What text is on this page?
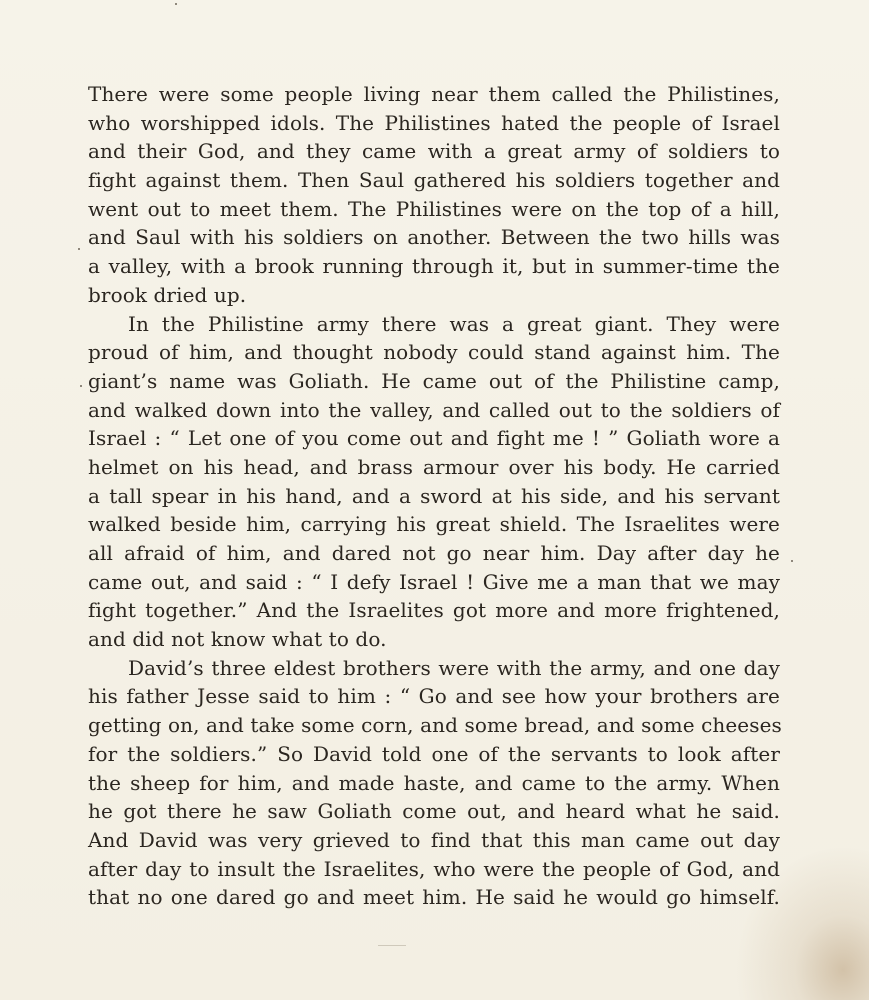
There were some people living near them called the Philistines,
who worshipped idols. The Philistines hated the people of Israel
and their God, and they came with a great army of soldiers to
fight against them. Then Saul gathered his soldiers together and
went out to meet them. The Philistines were on the top of a hill,
and Saul with his soldiers on another. Between the two hills was
a valley, with a brook running through it, but in summer-time the
brook dried up.
In the Philistine army there was a great giant. They were
proud of him, and thought nobody could stand against him. The
giant’s name was Goliath. He came out of the Philistine camp,
and walked down into the valley, and called out to the soldiers of
Israel : “ Let one of you come out and fight me ! ” Goliath wore a
helmet on his head, and brass armour over his body. He carried
a tall spear in his hand, and a sword at his side, and his servant
walked beside him, carrying his great shield. The Israelites were
all afraid of him, and dared not go near him. Day after day he
came out, and said : “ I defy Israel ! Give me a man that we may
fight together.” And the Israelites got more and more frightened,
and did not know what to do.
David’s three eldest brothers were with the army, and one day
his father Jesse said to him : “ Go and see how your brothers are
getting on, and take some corn, and some bread, and some cheeses
for the soldiers.” So David told one of the servants to look after
the sheep for him, and made haste, and came to the army. When
he got there he saw Goliath come out, and heard what he said.
And David was very grieved to find that this man came out day
after day to insult the Israelites, who were the people of God, and
that no one dared go and meet him. He said he would go himself.
